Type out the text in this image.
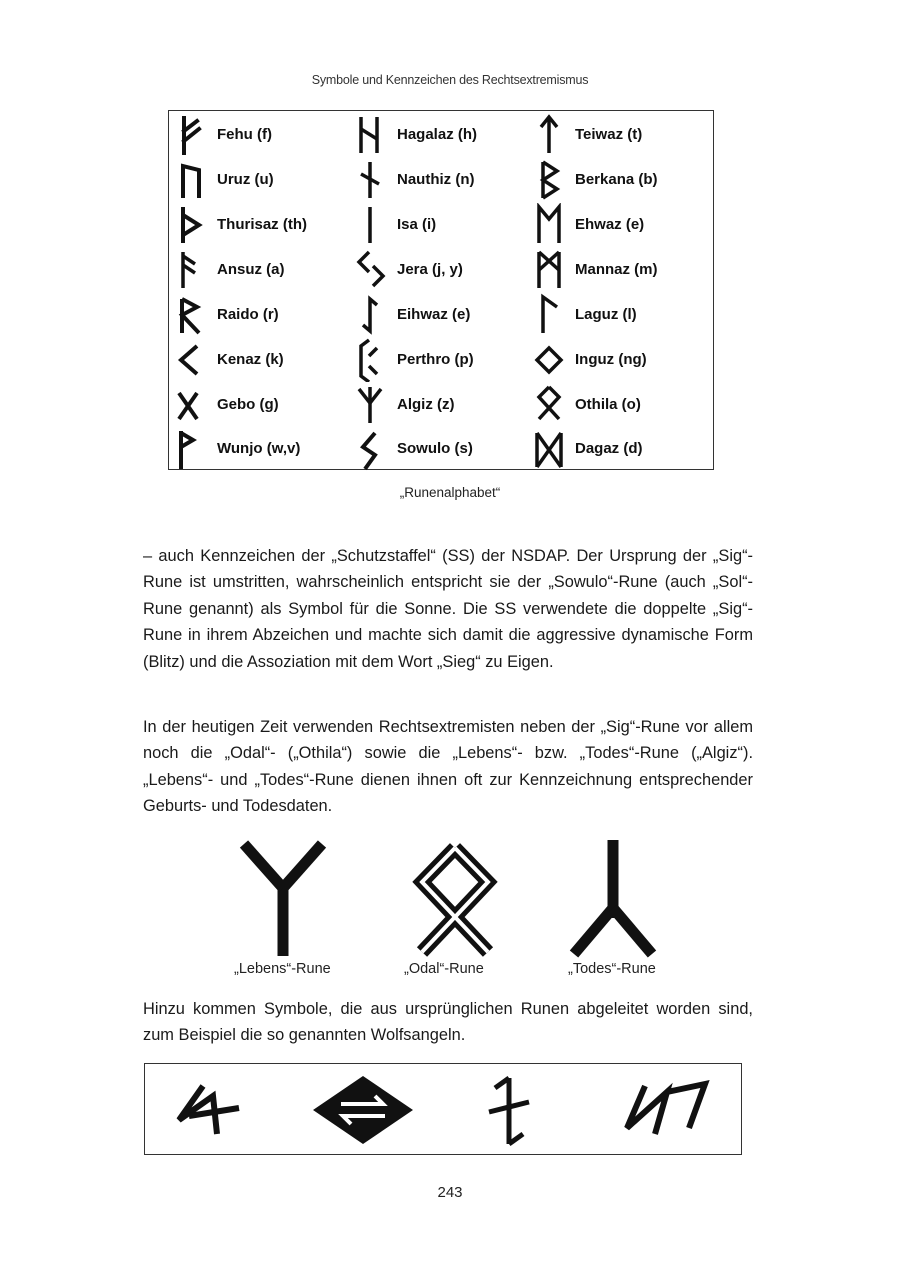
Symbole und Kennzeichen des Rechtsextremismus
Fehu (f)
Uruz (u)
Thurisaz (th)
Ansuz (a)
Raido (r)
Kenaz (k)
Gebo (g)
Wunjo (w,v)
Hagalaz (h)
Nauthiz (n)
Isa (i)
Jera (j, y)
Eihwaz (e)
Perthro (p)
Algiz (z)
Sowulo (s)
Teiwaz (t)
Berkana (b)
Ehwaz (e)
Mannaz (m)
Laguz (l)
Inguz (ng)
Othila (o)
Dagaz (d)
„Runenalphabet“

– auch Kennzeichen der „Schutzstaffel“ (SS) der NSDAP. Der Ursprung der „Sig“-Rune ist umstritten, wahrscheinlich entspricht sie der „Sowulo“-Rune (auch „Sol“-Rune genannt) als Symbol für die Sonne. Die SS verwendete die doppelte „Sig“-Rune in ihrem Abzeichen und machte sich damit die aggressive dynamische Form (Blitz) und die Assoziation mit dem Wort „Sieg“ zu Eigen.

In der heutigen Zeit verwenden Rechtsextremisten neben der „Sig“-Rune vor allem noch die „Odal“- („Othila“) sowie die „Lebens“- bzw. „Todes“-Rune („Algiz“). „Lebens“- und „Todes“-Rune dienen ihnen oft zur Kennzeichnung entsprechender Geburts- und Todesdaten.

„Lebens“-Rune	„Odal“-Rune	„Todes“-Rune

Hinzu kommen Symbole, die aus ursprünglichen Runen abgeleitet worden sind, zum Beispiel die so genannten Wolfsangeln.

243
